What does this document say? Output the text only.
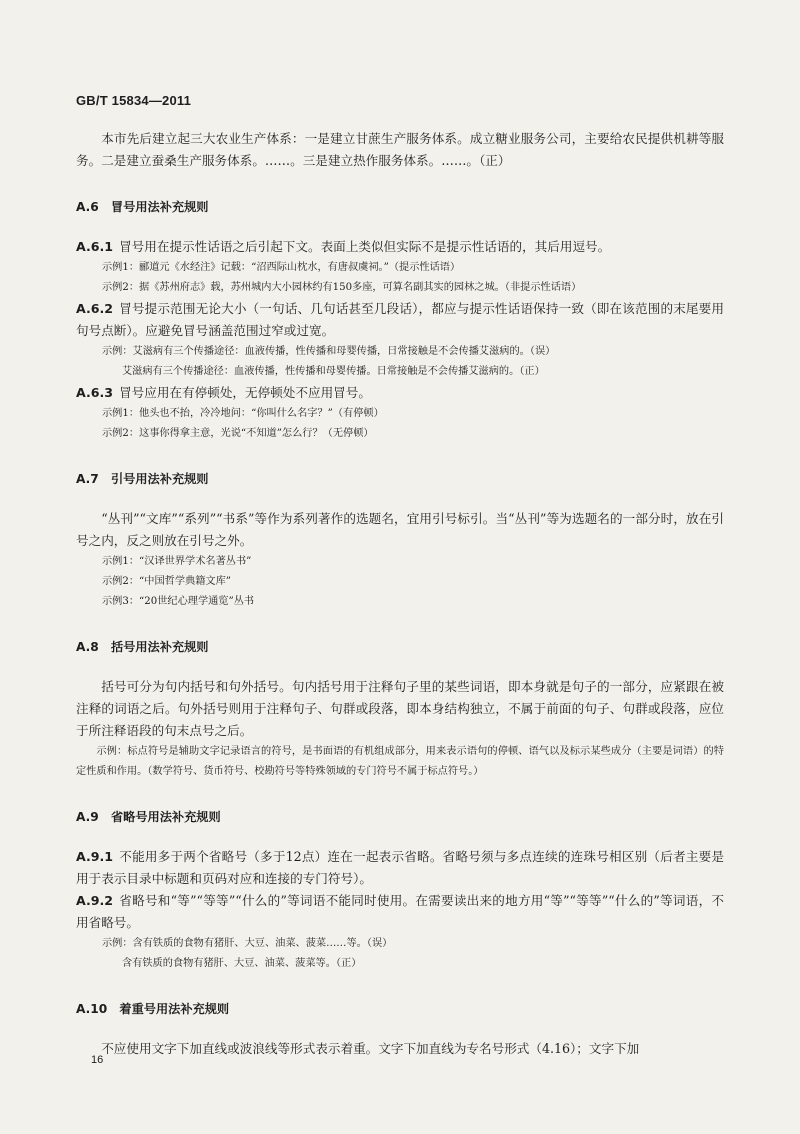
GB/T 15834—2011

本市先后建立起三大农业生产体系：一是建立甘蔗生产服务体系。成立糖业服务公司，主要给农民提供机耕等服务。二是建立蚕桑生产服务体系。……。三是建立热作服务体系。……。（正）

A.6　冒号用法补充规则

A.6.1 冒号用在提示性话语之后引起下文。表面上类似但实际不是提示性话语的，其后用逗号。

示例1：郦道元《水经注》记载：“沼西际山枕水，有唐叔虞祠。”（提示性话语）

示例2：据《苏州府志》载，苏州城内大小园林约有150多座，可算名副其实的园林之城。（非提示性话语）

A.6.2 冒号提示范围无论大小（一句话、几句话甚至几段话），都应与提示性话语保持一致（即在该范围的末尾要用句号点断）。应避免冒号涵盖范围过窄或过宽。

示例：艾滋病有三个传播途径：血液传播，性传播和母婴传播，日常接触是不会传播艾滋病的。（误）

艾滋病有三个传播途径：血液传播，性传播和母婴传播。日常接触是不会传播艾滋病的。（正）

A.6.3 冒号应用在有停顿处，无停顿处不应用冒号。

示例1：他头也不抬，冷冷地问：“你叫什么名字？”（有停顿）

示例2：这事你得拿主意，光说“不知道”怎么行？（无停顿）

A.7　引号用法补充规则

“丛刊”“文库”“系列”“书系”等作为系列著作的选题名，宜用引号标引。当“丛刊”等为选题名的一部分时，放在引号之内，反之则放在引号之外。

示例1：“汉译世界学术名著丛书”

示例2：“中国哲学典籍文库”

示例3：“20世纪心理学通览”丛书

A.8　括号用法补充规则

括号可分为句内括号和句外括号。句内括号用于注释句子里的某些词语，即本身就是句子的一部分，应紧跟在被注释的词语之后。句外括号则用于注释句子、句群或段落，即本身结构独立，不属于前面的句子、句群或段落，应位于所注释语段的句末点号之后。

示例：标点符号是辅助文字记录语言的符号，是书面语的有机组成部分，用来表示语句的停顿、语气以及标示某些成分（主要是词语）的特定性质和作用。（数学符号、货币符号、校勘符号等特殊领域的专门符号不属于标点符号。）

A.9　省略号用法补充规则

A.9.1 不能用多于两个省略号（多于12点）连在一起表示省略。省略号须与多点连续的连珠号相区别（后者主要是用于表示目录中标题和页码对应和连接的专门符号）。

A.9.2 省略号和“等”“等等”“什么的”等词语不能同时使用。在需要读出来的地方用“等”“等等”“什么的”等词语，不用省略号。

示例：含有铁质的食物有猪肝、大豆、油菜、菠菜……等。（误）

含有铁质的食物有猪肝、大豆、油菜、菠菜等。（正）

A.10　着重号用法补充规则

不应使用文字下加直线或波浪线等形式表示着重。文字下加直线为专名号形式（4.16）；文字下加

16
